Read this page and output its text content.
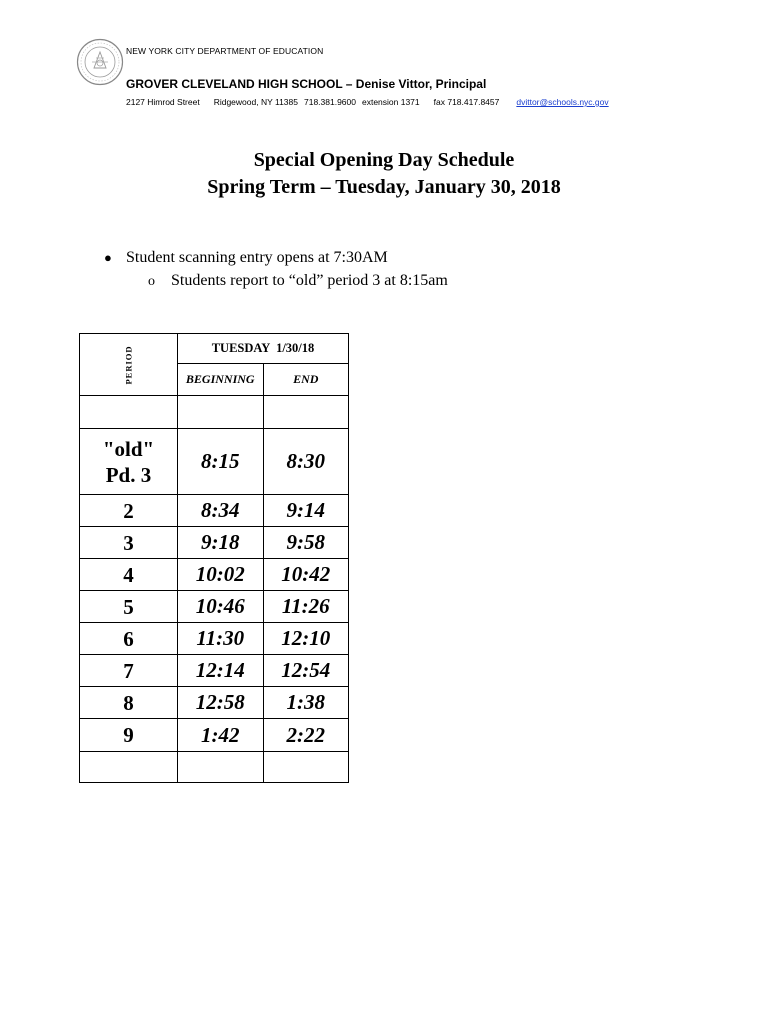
NEW YORK CITY DEPARTMENT OF EDUCATION
GROVER CLEVELAND HIGH SCHOOL – Denise Vittor, Principal
2127 Himrod Street Ridgewood, NY 11385 718.381.9600 extension 1371 fax 718.417.8457 dvittor@schools.nyc.gov
Special Opening Day Schedule
Spring Term – Tuesday, January 30, 2018
● Student scanning entry opens at 7:30AM
o Students report to “old” period 3 at 8:15am
PERIOD	TUESDAY  1/30/18	
	BEGINNING	END

"old"
Pd. 3	8:15	8:30
2	8:34	9:14
3	9:18	9:58
4	10:02	10:42
5	10:46	11:26
6	11:30	12:10
7	12:14	12:54
8	12:58	1:38
9	1:42	2:22
